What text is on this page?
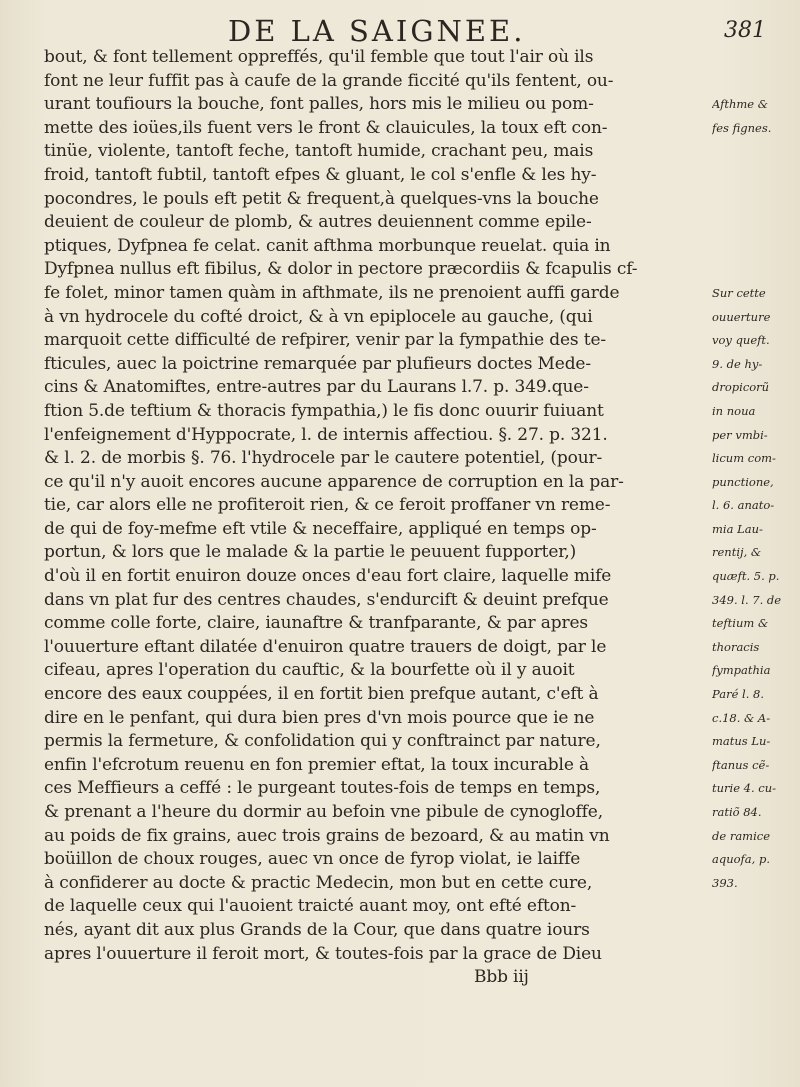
DE LA SAIGNEE.	381
bout, & font tellement oppreffés, qu'il femble que tout l'air où ils
font ne leur fuffit pas à caufe de la grande ficcité qu'ils fentent, ou-
urant toufiours la bouche, font palles, hors mis le milieu ou pom-
mette des ioües,ils fuent vers le front & clauicules, la toux eft con-
tinüe, violente, tantoft feche, tantoft humide, crachant peu, mais
froid, tantoft fubtil, tantoft efpes & gluant, le col s'enfle & les hy-
pocondres, le pouls eft petit & frequent,à quelques-vns la bouche
deuient de couleur de plomb, & autres deuiennent comme epile-
ptiques, Dyfpnea fe celat. canit afthma morbunque reuelat. quia in
Dyfpnea nullus eft fibilus, & dolor in pectore præcordiis & fcapulis cf-
fe folet, minor tamen quàm in afthmate, ils ne prenoient auffi garde
à vn hydrocele du cofté droict, & à vn epiplocele au gauche, (qui
marquoit cette difficulté de refpirer, venir par la fympathie des te-
fticules, auec la poictrine remarquée par plufieurs doctes Mede-
cins & Anatomiftes, entre-autres par du Laurans l.7. p. 349.que-
ftion 5.de teftium & thoracis fympathia,) le fis donc ouurir fuiuant
l'enfeignement d'Hyppocrate, l. de internis affectiou. §. 27. p. 321.
& l. 2. de morbis §. 76. l'hydrocele par le cautere potentiel, (pour-
ce qu'il n'y auoit encores aucune apparence de corruption en la par-
tie, car alors elle ne profiteroit rien, & ce feroit proffaner vn reme-
de qui de foy-mefme eft vtile & neceffaire, appliqué en temps op-
portun, & lors que le malade & la partie le peuuent fupporter,)
d'où il en fortit enuiron douze onces d'eau fort claire, laquelle mife
dans vn plat fur des centres chaudes, s'endurcift & deuint prefque
comme colle forte, claire, iaunaftre & tranfparante, & par apres
l'ouuerture eftant dilatée d'enuiron quatre trauers de doigt, par le
cifeau, apres l'operation du cauftic, & la bourfette où il y auoit
encore des eaux couppées, il en fortit bien prefque autant, c'eft à
dire en le penfant, qui dura bien pres d'vn mois pource que ie ne
permis la fermeture, & confolidation qui y conftrainct par nature,
enfin l'efcrotum reuenu en fon premier eftat, la toux incurable à
ces Meffieurs a ceffé : le purgeant toutes-fois de temps en temps,
& prenant a l'heure du dormir au befoin vne pibule de cynogloffe,
au poids de fix grains, auec trois grains de bezoard, & au matin vn
boüillon de choux rouges, auec vn once de fyrop violat, ie laiffe
à confiderer au docte & practic Medecin, mon but en cette cure,
de laquelle ceux qui l'auoient traicté auant moy, ont efté efton-
nés, ayant dit aux plus Grands de la Cour, que dans quatre iours
apres l'ouuerture il feroit mort, & toutes-fois par la grace de Dieu
Bbb iij
Afthme &
fes fignes.
Sur cette
ouuerture
voy queft.
9. de hy-
dropicorũ
in noua
per vmbi-
licum com-
punctione,
l. 6. anato-
mia Lau-
rentij, &
quæft. 5. p.
349. l. 7. de
teftium &
thoracis
fympathia
Paré l. 8.
c.18. & A-
matus Lu-
ftanus cẽ-
turie 4. cu-
ratiõ 84.
de ramice
aquofa, p.
393.
